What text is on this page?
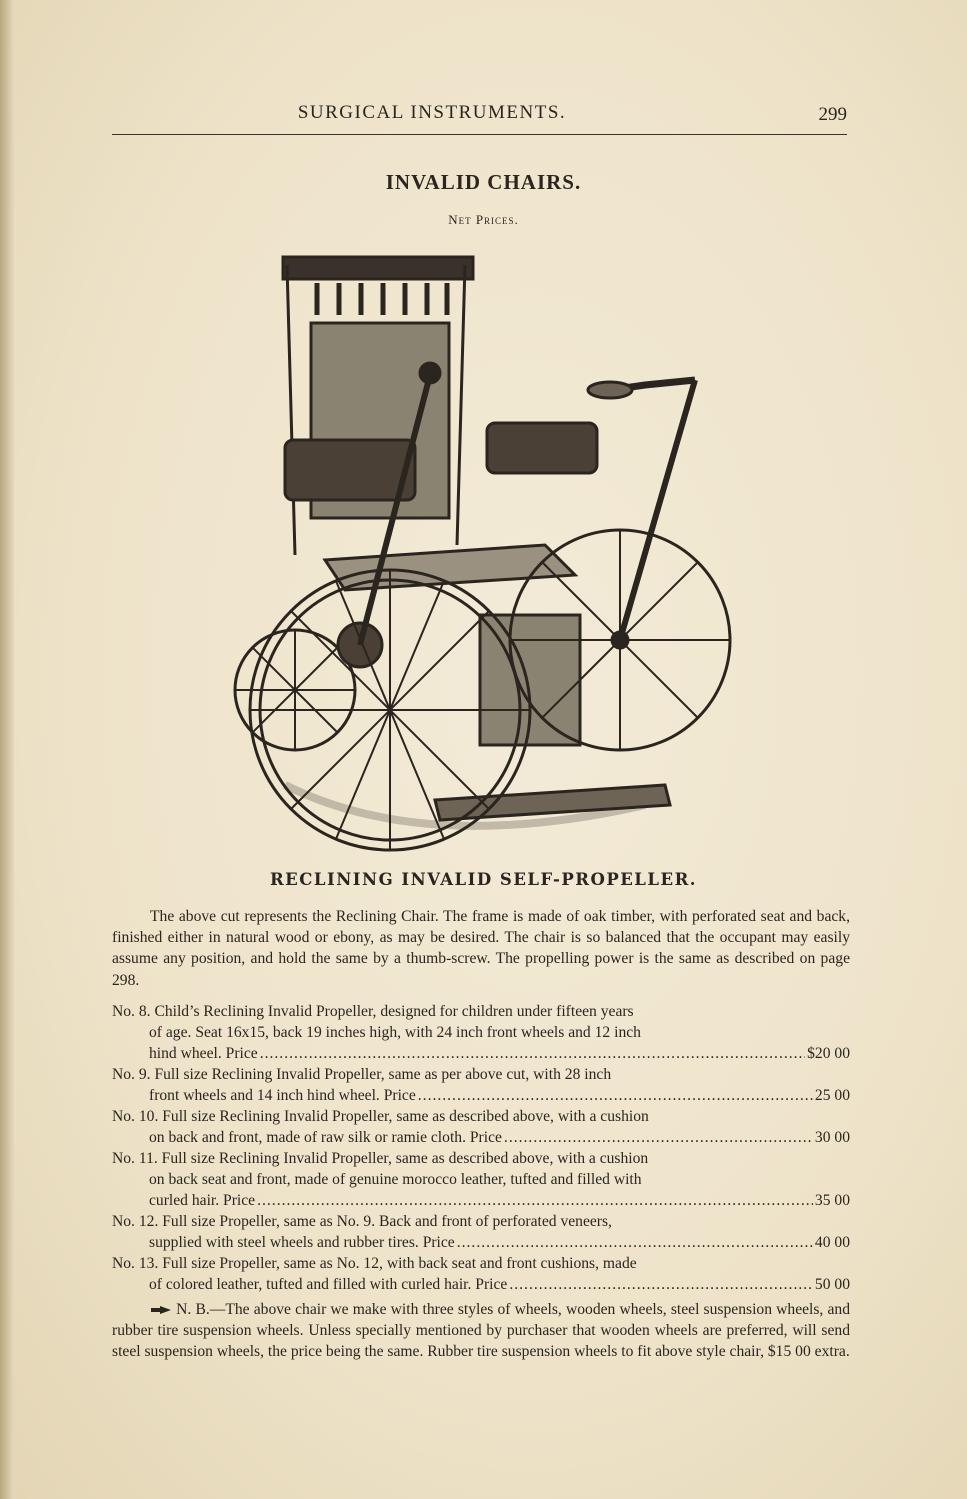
SURGICAL INSTRUMENTS.	299
INVALID CHAIRS.
Net Prices.
RECLINING INVALID SELF-PROPELLER.
The above cut represents the Reclining Chair. The frame is made of oak timber, with perforated seat and back, finished either in natural wood or ebony, as may be desired. The chair is so balanced that the occupant may easily assume any position, and hold the same by a thumb-screw. The propelling power is the same as described on page 298.
No. 8. Child’s Reclining Invalid Propeller, designed for children under fifteen years
of age. Seat 16x15, back 19 inches high, with 24 inch front wheels and 12 inch
hind wheel. Price .....	$20 00
No. 9. Full size Reclining Invalid Propeller, same as per above cut, with 28 inch
front wheels and 14 inch hind wheel. Price .....	25 00
No. 10. Full size Reclining Invalid Propeller, same as described above, with a cushion
on back and front, made of raw silk or ramie cloth. Price .....	30 00
No. 11. Full size Reclining Invalid Propeller, same as described above, with a cushion
on back seat and front, made of genuine morocco leather, tufted and filled with
curled hair. Price .....	35 00
No. 12. Full size Propeller, same as No. 9. Back and front of perforated veneers,
supplied with steel wheels and rubber tires. Price .....	40 00
No. 13. Full size Propeller, same as No. 12, with back seat and front cushions, made
of colored leather, tufted and filled with curled hair. Price .....	50 00
N. B.—The above chair we make with three styles of wheels, wooden wheels, steel suspension wheels, and rubber tire suspension wheels. Unless specially mentioned by purchaser that wooden wheels are preferred, will send steel suspension wheels, the price being the same. Rubber tire suspension wheels to fit above style chair, $15 00 extra.
